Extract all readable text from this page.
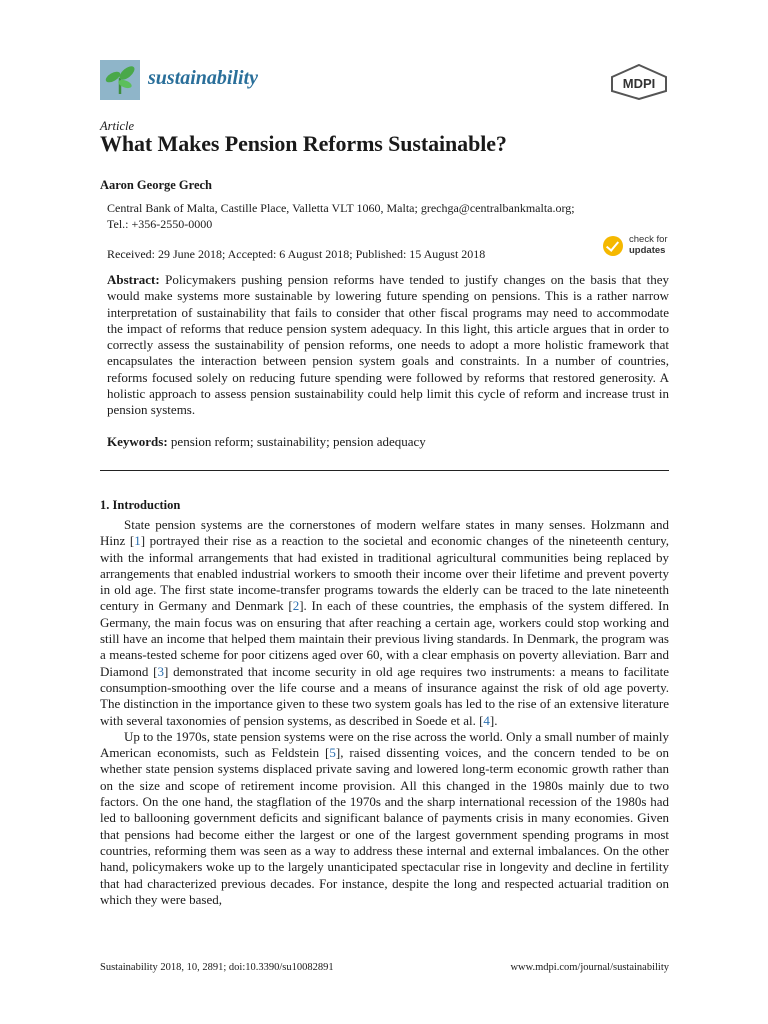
sustainability	MDPI
Article
What Makes Pension Reforms Sustainable?
Aaron George Grech
Central Bank of Malta, Castille Place, Valletta VLT 1060, Malta; grechga@centralbankmalta.org;
Tel.: +356-2550-0000
Received: 29 June 2018; Accepted: 6 August 2018; Published: 15 August 2018
check for
updates
Abstract: Policymakers pushing pension reforms have tended to justify changes on the basis that they would make systems more sustainable by lowering future spending on pensions. This is a rather narrow interpretation of sustainability that fails to consider that other fiscal programs may need to accommodate the impact of reforms that reduce pension system adequacy. In this light, this article argues that in order to correctly assess the sustainability of pension reforms, one needs to adopt a more holistic framework that encapsulates the interaction between pension system goals and constraints. In a number of countries, reforms focused solely on reducing future spending were followed by reforms that restored generosity. A holistic approach to assess pension sustainability could help limit this cycle of reform and increase trust in pension systems.
Keywords: pension reform; sustainability; pension adequacy
1. Introduction

State pension systems are the cornerstones of modern welfare states in many senses. Holzmann and Hinz [1] portrayed their rise as a reaction to the societal and economic changes of the nineteenth century, with the informal arrangements that had existed in traditional agricultural communities being replaced by arrangements that enabled industrial workers to smooth their income over their lifetime and prevent poverty in old age. The first state income-transfer programs towards the elderly can be traced to the late nineteenth century in Germany and Denmark [2]. In each of these countries, the emphasis of the system differed. In Germany, the main focus was on ensuring that after reaching a certain age, workers could stop working and still have an income that helped them maintain their previous living standards. In Denmark, the program was a means-tested scheme for poor citizens aged over 60, with a clear emphasis on poverty alleviation. Barr and Diamond [3] demonstrated that income security in old age requires two instruments: a means to facilitate consumption-smoothing over the life course and a means of insurance against the risk of old age poverty. The distinction in the importance given to these two system goals has led to the rise of an extensive literature with several taxonomies of pension systems, as described in Soede et al. [4].

Up to the 1970s, state pension systems were on the rise across the world. Only a small number of mainly American economists, such as Feldstein [5], raised dissenting voices, and the concern tended to be on whether state pension systems displaced private saving and lowered long-term economic growth rather than on the size and scope of retirement income provision. All this changed in the 1980s mainly due to two factors. On the one hand, the stagflation of the 1970s and the sharp international recession of the 1980s had led to ballooning government deficits and significant balance of payments crisis in many economies. Given that pensions had become either the largest or one of the largest government spending programs in most countries, reforming them was seen as a way to address these internal and external imbalances. On the other hand, policymakers woke up to the largely unanticipated spectacular rise in longevity and decline in fertility that had characterized previous decades. For instance, despite the long and respected actuarial tradition on which they were based,

Sustainability 2018, 10, 2891; doi:10.3390/su10082891	www.mdpi.com/journal/sustainability
